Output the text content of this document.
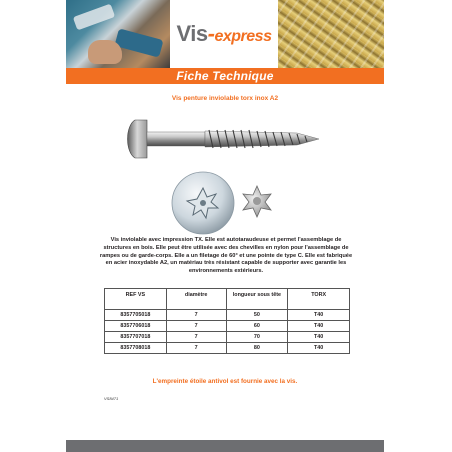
Vis-express
Fiche Technique
Vis penture inviolable torx inox A2
Vis inviolable avec impression TX. Elle est autotaraudeuse et permet l'assemblage de structures en bois. Elle peut être utilisée avec des chevilles en nylon pour l'assemblage de rampes ou de garde-corps. Elle a un filetage de 60° et une pointe de type C. Elle est fabriquée en acier inoxydable A2, un matériau très résistant capable de supporter avec garantie les environnements extérieurs.
REF VS	diamètre	longueur sous tête	TORX
8357705018	7	50	T40
8357706018	7	60	T40
8357707018	7	70	T40
8357708018	7	80	T40
L'empreinte étoile antivol est fournie avec la vis.
VS8471
